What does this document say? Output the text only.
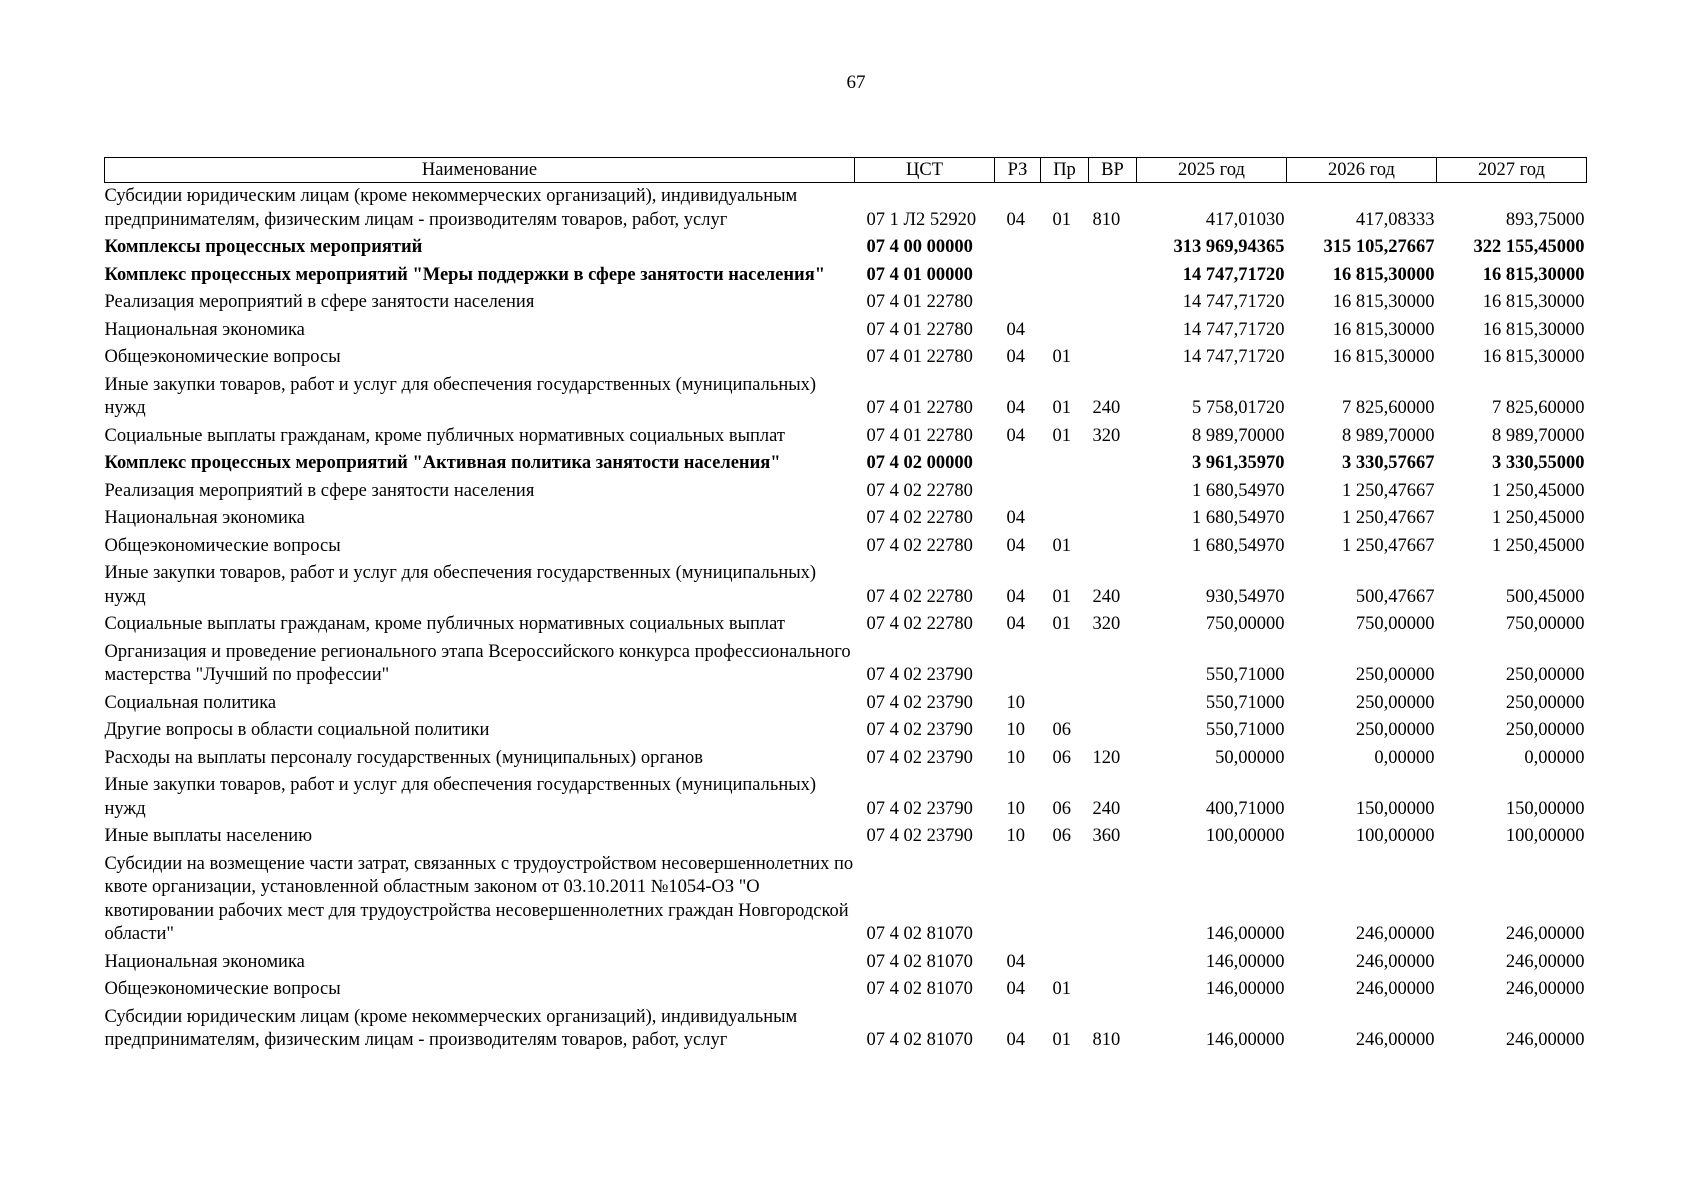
67
Наименование	ЦСТ	РЗ	Пр	ВР	2025 год	2026 год	2027 год
Субсидии юридическим лицам (кроме некоммерческих организаций), индивидуальным предпринимателям, физическим лицам - производителям товаров, работ, услуг	07 1 Л2 52920	04	01	810	417,01030	417,08333	893,75000
Комплексы процессных мероприятий	07 4 00 00000				313 969,94365	315 105,27667	322 155,45000
Комплекс процессных мероприятий "Меры поддержки в сфере занятости населения"	07 4 01 00000				14 747,71720	16 815,30000	16 815,30000
Реализация мероприятий в сфере занятости населения	07 4 01 22780				14 747,71720	16 815,30000	16 815,30000
Национальная экономика	07 4 01 22780	04			14 747,71720	16 815,30000	16 815,30000
Общеэкономические вопросы	07 4 01 22780	04	01		14 747,71720	16 815,30000	16 815,30000
Иные закупки товаров, работ и услуг для обеспечения государственных (муниципальных) нужд	07 4 01 22780	04	01	240	5 758,01720	7 825,60000	7 825,60000
Социальные выплаты гражданам, кроме публичных нормативных социальных выплат	07 4 01 22780	04	01	320	8 989,70000	8 989,70000	8 989,70000
Комплекс процессных мероприятий "Активная политика занятости населения"	07 4 02 00000				3 961,35970	3 330,57667	3 330,55000
Реализация мероприятий в сфере занятости населения	07 4 02 22780				1 680,54970	1 250,47667	1 250,45000
Национальная экономика	07 4 02 22780	04			1 680,54970	1 250,47667	1 250,45000
Общеэкономические вопросы	07 4 02 22780	04	01		1 680,54970	1 250,47667	1 250,45000
Иные закупки товаров, работ и услуг для обеспечения государственных (муниципальных) нужд	07 4 02 22780	04	01	240	930,54970	500,47667	500,45000
Социальные выплаты гражданам, кроме публичных нормативных социальных выплат	07 4 02 22780	04	01	320	750,00000	750,00000	750,00000
Организация и проведение регионального этапа Всероссийского конкурса профессионального мастерства "Лучший по профессии"	07 4 02 23790				550,71000	250,00000	250,00000
Социальная политика	07 4 02 23790	10			550,71000	250,00000	250,00000
Другие вопросы в области социальной политики	07 4 02 23790	10	06		550,71000	250,00000	250,00000
Расходы на выплаты персоналу государственных (муниципальных) органов	07 4 02 23790	10	06	120	50,00000	0,00000	0,00000
Иные закупки товаров, работ и услуг для обеспечения государственных (муниципальных) нужд	07 4 02 23790	10	06	240	400,71000	150,00000	150,00000
Иные выплаты населению	07 4 02 23790	10	06	360	100,00000	100,00000	100,00000
Субсидии на возмещение части затрат, связанных с трудоустройством несовершеннолетних по квоте организации, установленной областным законом от 03.10.2011 №1054-ОЗ "О квотировании рабочих мест для трудоустройства несовершеннолетних граждан Новгородской области"	07 4 02 81070				146,00000	246,00000	246,00000
Национальная экономика	07 4 02 81070	04			146,00000	246,00000	246,00000
Общеэкономические вопросы	07 4 02 81070	04	01		146,00000	246,00000	246,00000
Субсидии юридическим лицам (кроме некоммерческих организаций), индивидуальным предпринимателям, физическим лицам - производителям товаров, работ, услуг	07 4 02 81070	04	01	810	146,00000	246,00000	246,00000
